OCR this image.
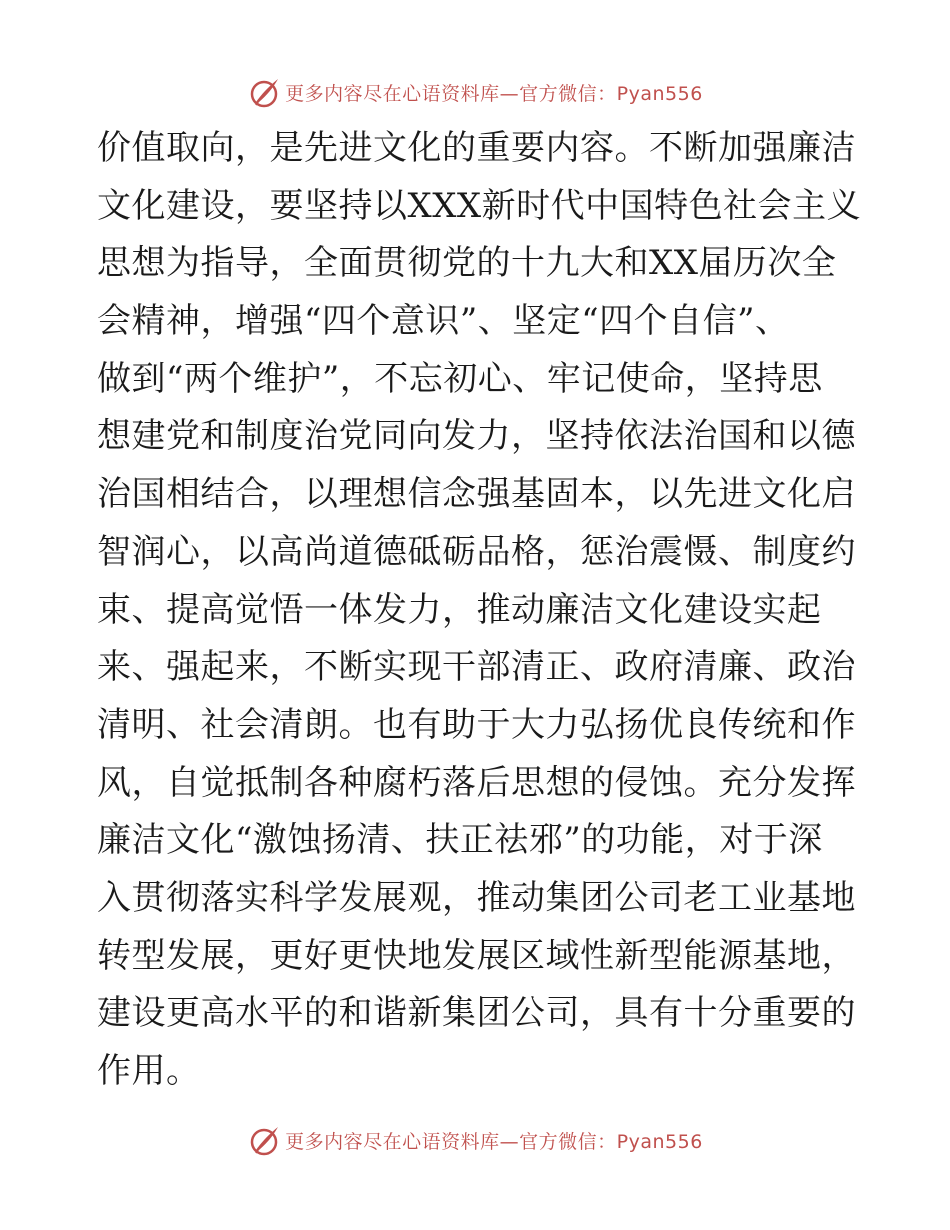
更多内容尽在心语资料库—官方微信：Pyan556
价值取向，是先进文化的重要内容。不断加强廉洁
文化建设，要坚持以XXX新时代中国特色社会主义
思想为指导，全面贯彻党的十九大和XX届历次全
会精神，增强“四个意识”、坚定“四个自信”、
做到“两个维护”，不忘初心、牢记使命，坚持思
想建党和制度治党同向发力，坚持依法治国和以德
治国相结合，以理想信念强基固本，以先进文化启
智润心，以高尚道德砥砺品格，惩治震慑、制度约
束、提高觉悟一体发力，推动廉洁文化建设实起
来、强起来，不断实现干部清正、政府清廉、政治
清明、社会清朗。也有助于大力弘扬优良传统和作
风，自觉抵制各种腐朽落后思想的侵蚀。充分发挥
廉洁文化“激蚀扬清、扶正祛邪”的功能，对于深
入贯彻落实科学发展观，推动集团公司老工业基地
转型发展，更好更快地发展区域性新型能源基地，
建设更高水平的和谐新集团公司，具有十分重要的
作用。
更多内容尽在心语资料库—官方微信：Pyan556
